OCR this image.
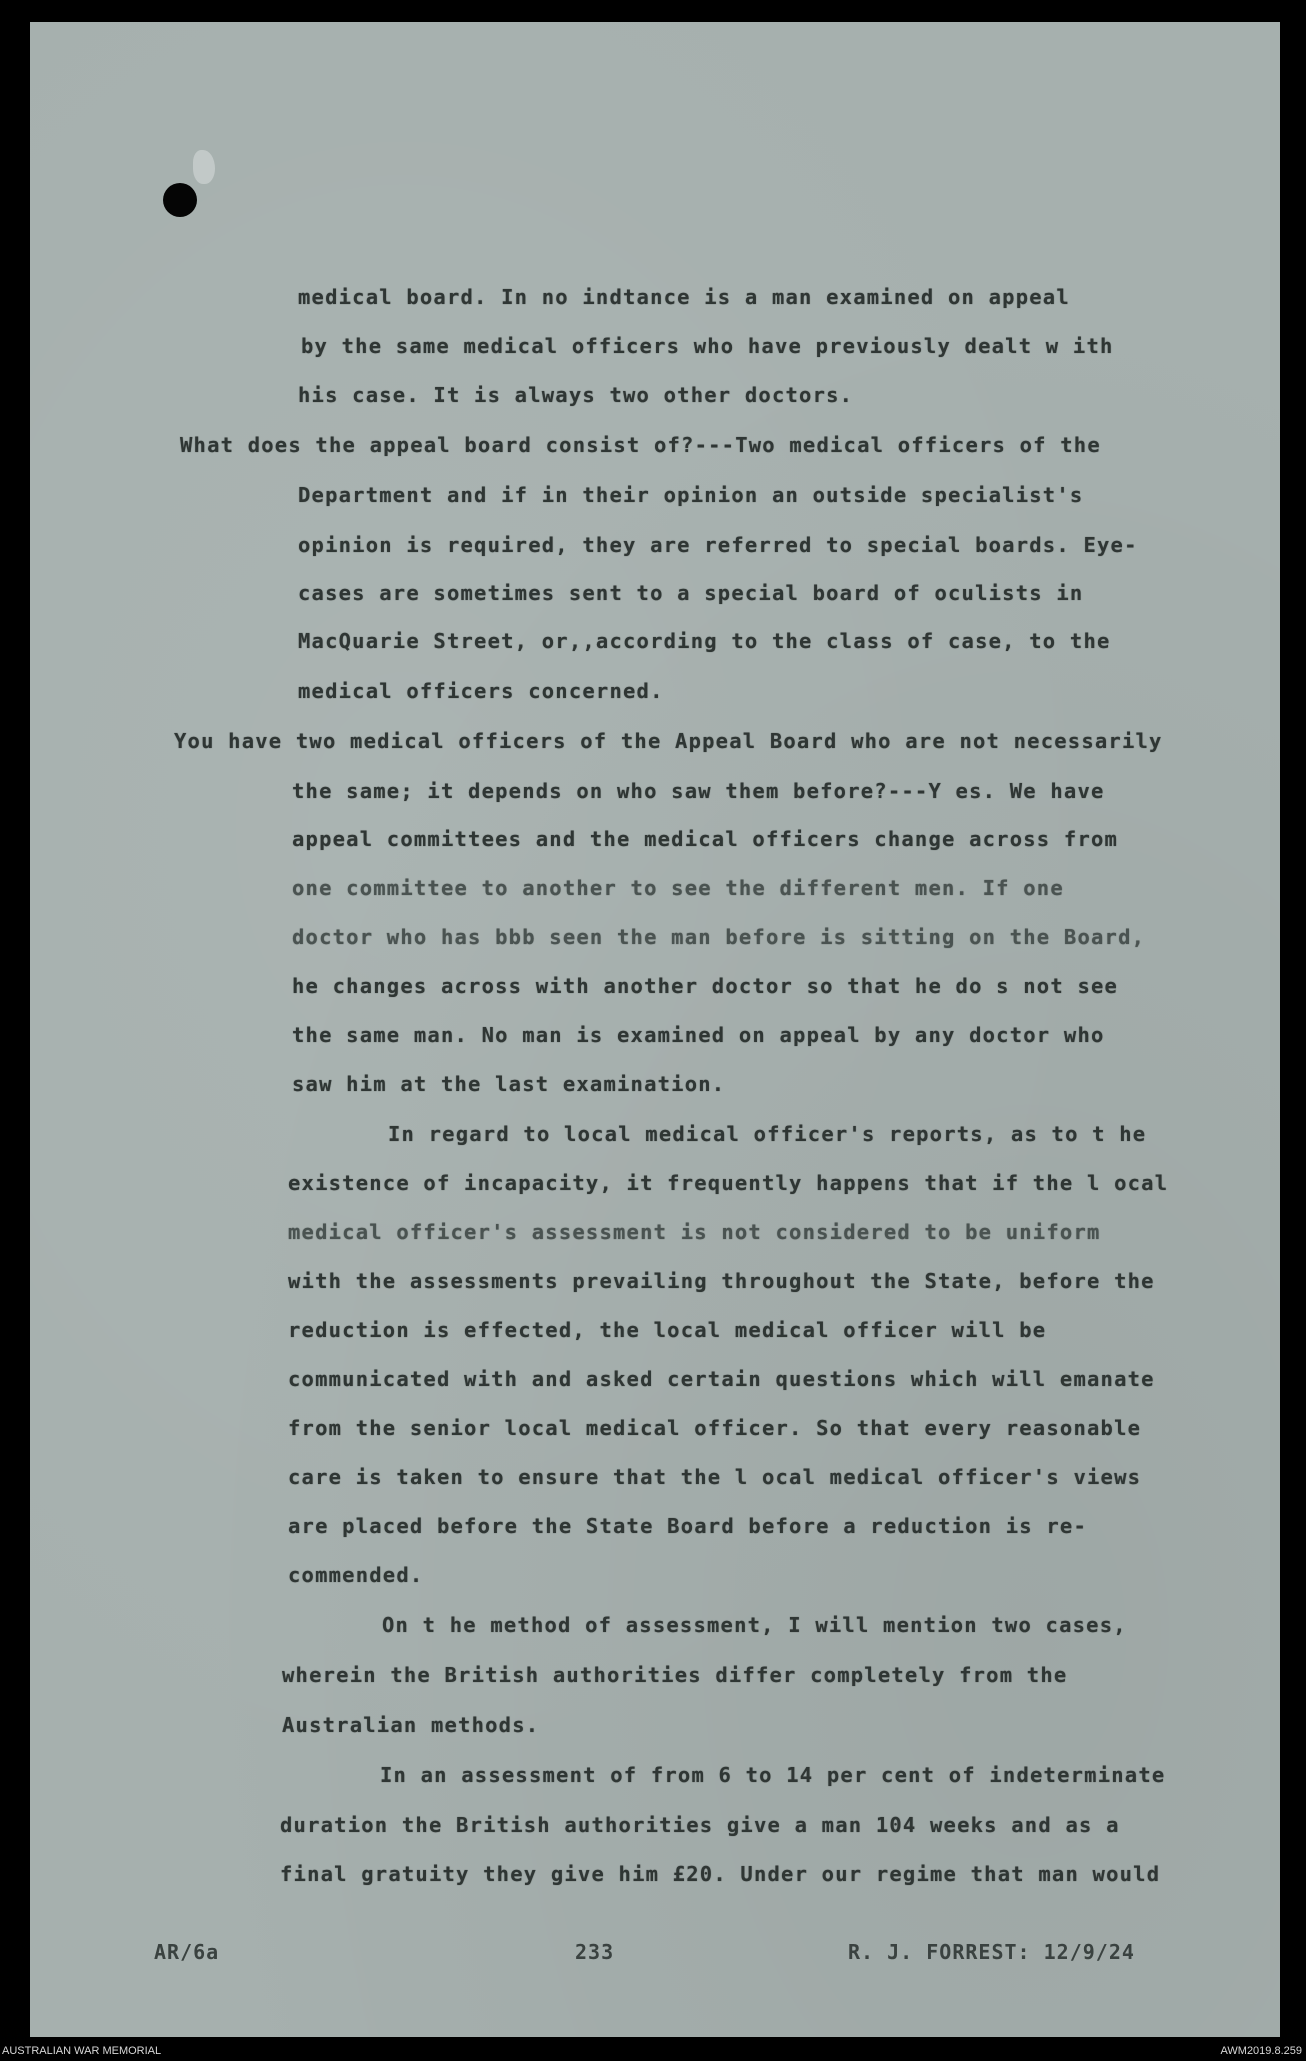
medical board. In no indtance is a man examined on appeal

by the same medical officers who have previously dealt w ith

his case. It is always two other doctors.

What does the appeal board consist of?---Two medical officers of the

Department and if in their opinion an outside specialist's

opinion is required, they are referred to special boards. Eye-

cases are sometimes sent to a special board of oculists in

MacQuarie Street, or,,according to the class of case, to the

medical officers concerned.

You have two medical officers of the Appeal Board who are not necessarily

the same; it depends on who saw them before?---Y es. We have

appeal committees and the medical officers change across from

one committee to another to see the different men. If one

doctor who has bbb seen the man before is sitting on the Board,

he changes across with another doctor so that he do s not see

the same man. No man is examined on appeal by any doctor who

saw him at the last examination.

In regard to local medical officer's reports, as to t he

existence of incapacity, it frequently happens that if the l ocal

medical officer's assessment is not considered to be uniform

with the assessments prevailing throughout the State, before the

reduction is effected, the local medical officer will be

communicated with and asked certain questions which will emanate

from the senior local medical officer. So that every reasonable

care is taken to ensure that the l ocal medical officer's views

are placed before the State Board before a reduction is re-

commended.

On t he method of assessment, I will mention two cases,

wherein the British authorities differ completely from the

Australian methods.

In an assessment of from 6 to 14 per cent of indeterminate

duration the British authorities give a man 104 weeks and as a

final gratuity they give him £20. Under our regime that man would

AR/6a	233	R. J. FORREST: 12/9/24

AUSTRALIAN WAR MEMORIAL	AWM2019.8.259
